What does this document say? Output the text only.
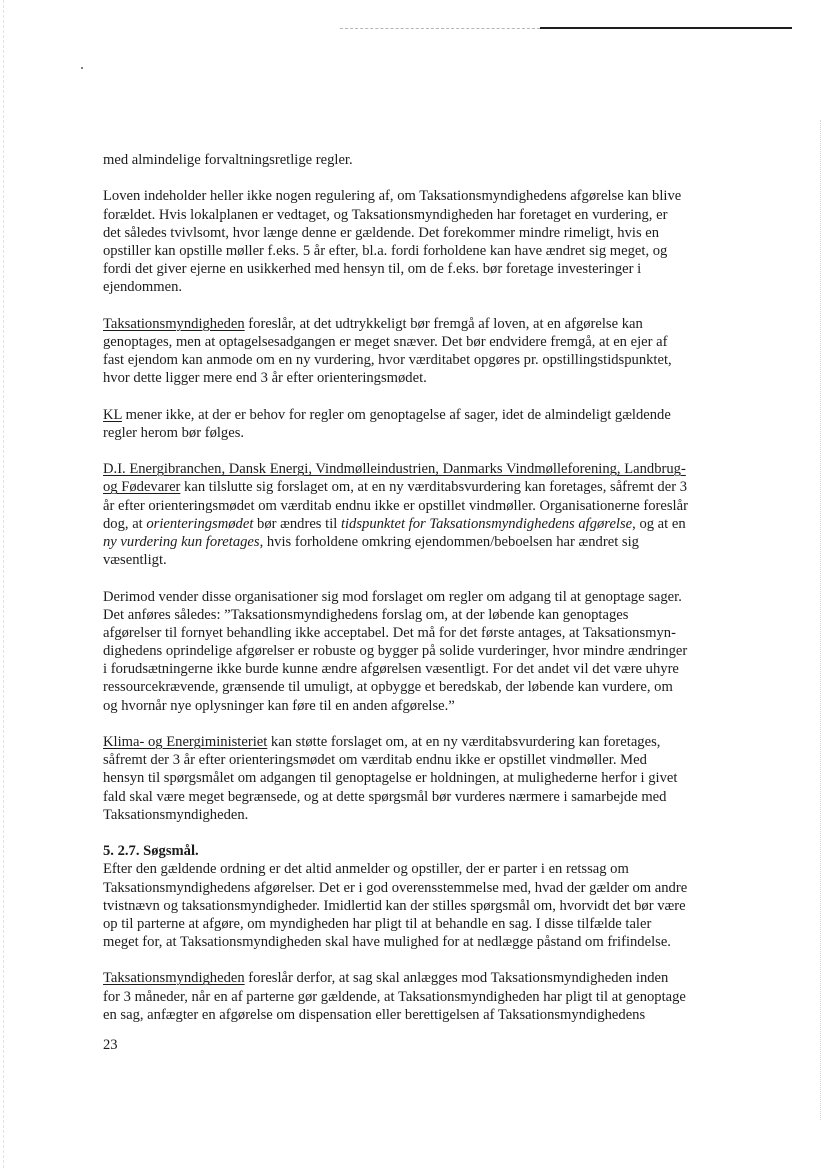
med almindelige forvaltningsretlige regler.
Loven indeholder heller ikke nogen regulering af, om Taksationsmyndighedens afgørelse kan blive
forældet. Hvis lokalplanen er vedtaget, og Taksationsmyndigheden har foretaget en vurdering, er
det således tvivlsomt, hvor længe denne er gældende. Det forekommer mindre rimeligt, hvis en
opstiller kan opstille møller f.eks. 5 år efter, bl.a. fordi forholdene kan have ændret sig meget, og
fordi det giver ejerne en usikkerhed med hensyn til, om de f.eks. bør foretage investeringer i
ejendommen.
Taksationsmyndigheden foreslår, at det udtrykkeligt bør fremgå af loven, at en afgørelse kan
genoptages, men at optagelsesadgangen er meget snæver. Det bør endvidere fremgå, at en ejer af
fast ejendom kan anmode om en ny vurdering, hvor værditabet opgøres pr. opstillingstidspunktet,
hvor dette ligger mere end 3 år efter orienteringsmødet.
KL mener ikke, at der er behov for regler om genoptagelse af sager, idet de almindeligt gældende
regler herom bør følges.
D.I. Energibranchen, Dansk Energi, Vindmølleindustrien, Danmarks Vindmølleforening, Landbrug-
og Fødevarer kan tilslutte sig forslaget om, at en ny værditabsvurdering kan foretages, såfremt der 3
år efter orienteringsmødet om værditab endnu ikke er opstillet vindmøller. Organisationerne foreslår
dog, at orienteringsmødet bør ændres til tidspunktet for Taksationsmyndighedens afgørelse, og at en
ny vurdering kun foretages, hvis forholdene omkring ejendommen/beboelsen har ændret sig
væsentligt.
Derimod vender disse organisationer sig mod forslaget om regler om adgang til at genoptage sager.
Det anføres således: ”Taksationsmyndighedens forslag om, at der løbende kan genoptages
afgørelser til fornyet behandling ikke acceptabel. Det må for det første antages, at Taksationsmyn-
dighedens oprindelige afgørelser er robuste og bygger på solide vurderinger, hvor mindre ændringer
i forudsætningerne ikke burde kunne ændre afgørelsen væsentligt. For det andet vil det være uhyre
ressourcekrævende, grænsende til umuligt, at opbygge et beredskab, der løbende kan vurdere, om
og hvornår nye oplysninger kan føre til en anden afgørelse.”
Klima- og Energiministeriet kan støtte forslaget om, at en ny værditabsvurdering kan foretages,
såfremt der 3 år efter orienteringsmødet om værditab endnu ikke er opstillet vindmøller. Med
hensyn til spørgsmålet om adgangen til genoptagelse er holdningen, at mulighederne herfor i givet
fald skal være meget begrænsede, og at dette spørgsmål bør vurderes nærmere i samarbejde med
Taksationsmyndigheden.
5. 2.7. Søgsmål.
Efter den gældende ordning er det altid anmelder og opstiller, der er parter i en retssag om
Taksationsmyndighedens afgørelser. Det er i god overensstemmelse med, hvad der gælder om andre
tvistnævn og taksationsmyndigheder. Imidlertid kan der stilles spørgsmål om, hvorvidt det bør være
op til parterne at afgøre, om myndigheden har pligt til at behandle en sag. I disse tilfælde taler
meget for, at Taksationsmyndigheden skal have mulighed for at nedlægge påstand om frifindelse.
Taksationsmyndigheden foreslår derfor, at sag skal anlægges mod Taksationsmyndigheden inden
for 3 måneder, når en af parterne gør gældende, at Taksationsmyndigheden har pligt til at genoptage
en sag, anfægter en afgørelse om dispensation eller berettigelsen af Taksationsmyndighedens
23
